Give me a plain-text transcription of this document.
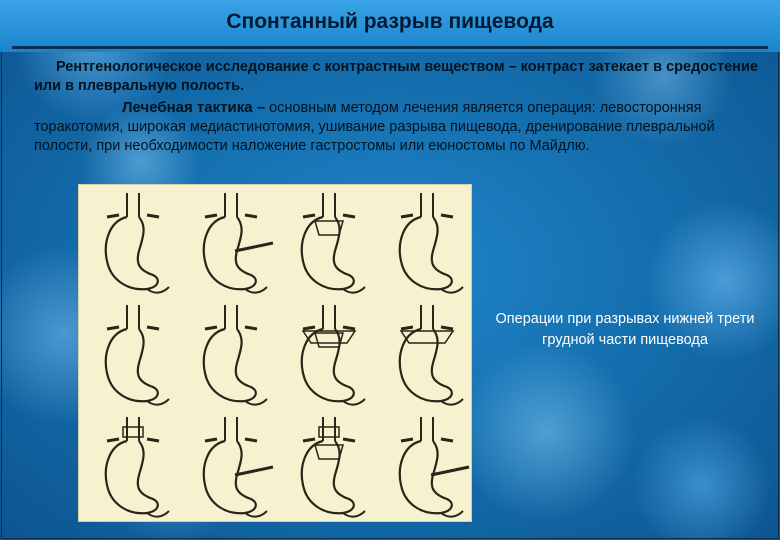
Спонтанный разрыв пищевода
Рентгенологическое исследование с контрастным веществом – контраст затекает в средостение или в плевральную полость.
Лечебная тактика – основным методом лечения является операция: левосторонняя торакотомия, широкая медиастинотомия, ушивание разрыва пищевода, дренирование плевральной полости, при необходимости наложение гастростомы или еюностомы по Майдлю.
Операции при разрывах нижней трети грудной части пищевода
